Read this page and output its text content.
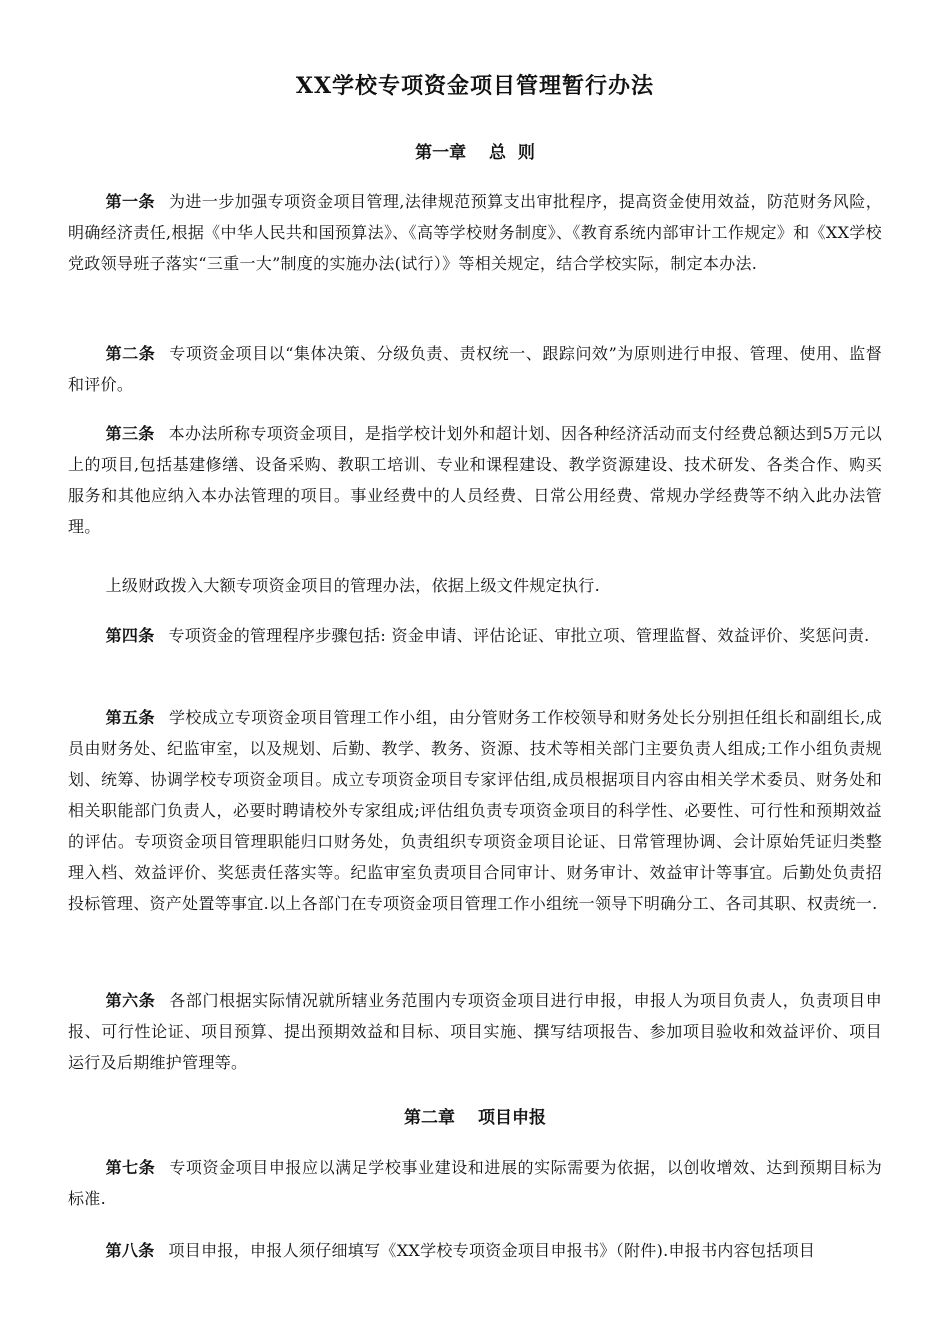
XX学校专项资金项目管理暂行办法
第一章　 总  则

第一条 为进一步加强专项资金项目管理,法律规范预算支出审批程序，提高资金使用效益，防范财务风险，明确经济责任,根据《中华人民共和国预算法》、《高等学校财务制度》、《教育系统内部审计工作规定》和《XX学校党政领导班子落实“三重一大”制度的实施办法(试行）》等相关规定，结合学校实际，制定本办法.

第二条 专项资金项目以“集体决策、分级负责、责权统一、跟踪问效”为原则进行申报、管理、使用、监督和评价。

第三条 本办法所称专项资金项目，是指学校计划外和超计划、因各种经济活动而支付经费总额达到5万元以上的项目,包括基建修缮、设备采购、教职工培训、专业和课程建设、教学资源建设、技术研发、各类合作、购买服务和其他应纳入本办法管理的项目。事业经费中的人员经费、日常公用经费、常规办学经费等不纳入此办法管理。

上级财政拨入大额专项资金项目的管理办法，依据上级文件规定执行.

第四条 专项资金的管理程序步骤包括: 资金申请、评估论证、审批立项、管理监督、效益评价、奖惩问责.

第五条 学校成立专项资金项目管理工作小组，由分管财务工作校领导和财务处长分别担任组长和副组长,成员由财务处、纪监审室，以及规划、后勤、教学、教务、资源、技术等相关部门主要负责人组成;工作小组负责规划、统筹、协调学校专项资金项目。成立专项资金项目专家评估组,成员根据项目内容由相关学术委员、财务处和相关职能部门负责人，必要时聘请校外专家组成;评估组负责专项资金项目的科学性、必要性、可行性和预期效益的评估。专项资金项目管理职能归口财务处，负责组织专项资金项目论证、日常管理协调、会计原始凭证归类整理入档、效益评价、奖惩责任落实等。纪监审室负责项目合同审计、财务审计、效益审计等事宜。后勤处负责招投标管理、资产处置等事宜.以上各部门在专项资金项目管理工作小组统一领导下明确分工、各司其职、权责统一.

第六条 各部门根据实际情况就所辖业务范围内专项资金项目进行申报，申报人为项目负责人，负责项目申报、可行性论证、项目预算、提出预期效益和目标、项目实施、撰写结项报告、参加项目验收和效益评价、项目运行及后期维护管理等。

第二章　 项目申报

第七条 专项资金项目申报应以满足学校事业建设和进展的实际需要为依据，以创收增效、达到预期目标为标准.

第八条 项目申报，申报人须仔细填写《XX学校专项资金项目申报书》（附件).申报书内容包括项目
